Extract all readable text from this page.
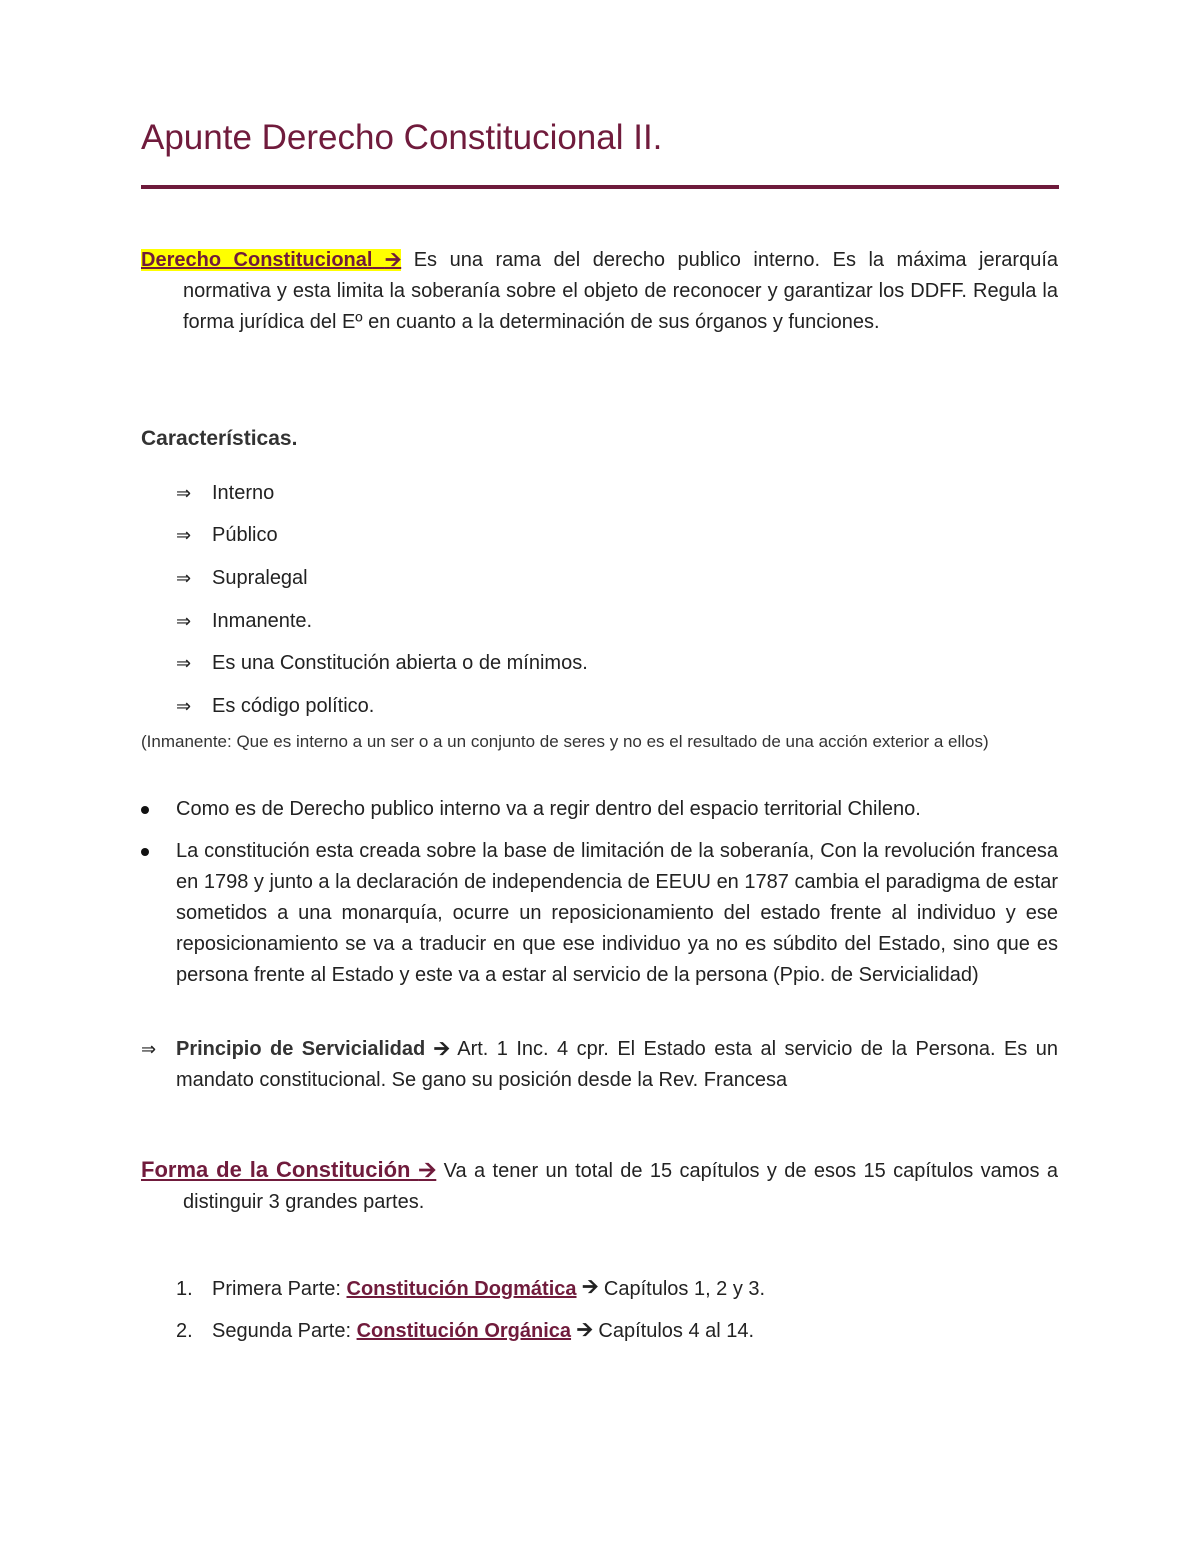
Apunte Derecho Constitucional II.

Derecho Constitucional 🡪 Es una rama del derecho publico interno. Es la máxima jerarquía normativa y esta limita la soberanía sobre el objeto de reconocer y garantizar los DDFF. Regula la forma jurídica del Eº en cuanto a la determinación de sus órganos y funciones.

Características.
⇒	Interno
⇒	Público
⇒	Supralegal
⇒	Inmanente.
⇒	Es una Constitución abierta o de mínimos.
⇒	Es código político.

(Inmanente: Que es interno a un ser o a un conjunto de seres y no es el resultado de una acción exterior a ellos)

Como es de Derecho publico interno va a regir dentro del espacio territorial Chileno.
La constitución esta creada sobre la base de limitación de la soberanía, Con la revolución francesa en 1798 y junto a la declaración de independencia de EEUU en 1787 cambia el paradigma de estar sometidos a una monarquía, ocurre un reposicionamiento del estado frente al individuo y ese reposicionamiento se va a traducir en que ese individuo ya no es súbdito del Estado, sino que es persona frente al Estado y este va a estar al servicio de la persona (Ppio. de Servicialidad)

⇒ Principio de Servicialidad 🡪 Art. 1 Inc. 4 cpr. El Estado esta al servicio de la Persona. Es un mandato constitucional. Se gano su posición desde la Rev. Francesa

Forma de la Constitución 🡪 Va a tener un total de 15 capítulos y de esos 15 capítulos vamos a distinguir 3 grandes partes.

1. Primera Parte:
Constitución Dogmática
🡪
Capítulos 1, 2 y 3.
2. Segunda Parte:
Constitución Orgánica
🡪
Capítulos 4 al 14.
